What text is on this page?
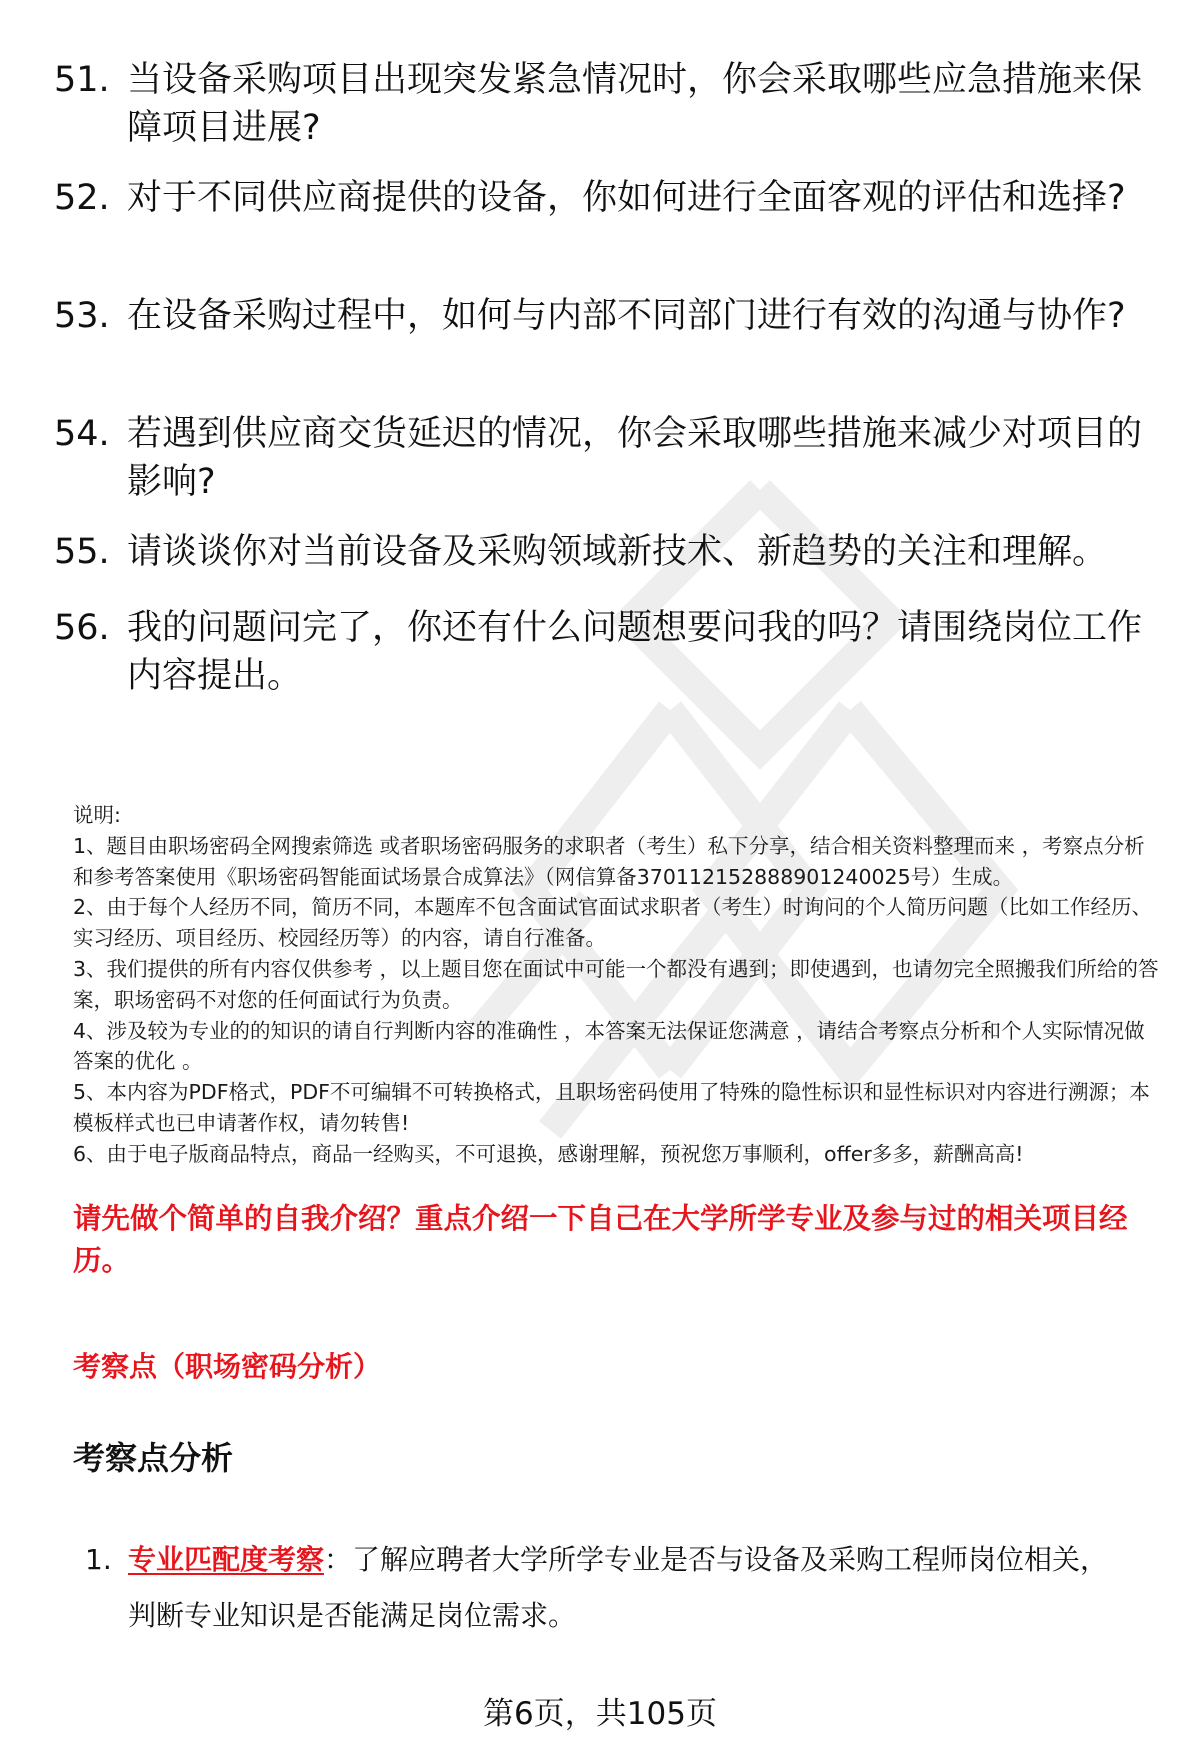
51. 当设备采购项目出现突发紧急情况时，你会采取哪些应急措施来保障项目进展?
52. 对于不同供应商提供的设备，你如何进行全面客观的评估和选择?
53. 在设备采购过程中，如何与内部不同部门进行有效的沟通与协作?
54. 若遇到供应商交货延迟的情况，你会采取哪些措施来减少对项目的影响?
55. 请谈谈你对当前设备及采购领域新技术、新趋势的关注和理解。
56. 我的问题问完了，你还有什么问题想要问我的吗？请围绕岗位工作内容提出。

说明:

1、题目由职场密码全网搜索筛选 或者职场密码服务的求职者（考生）私下分享，结合相关资料整理而来 ，考察点分析和参考答案使用《职场密码智能面试场景合成算法》（网信算备370112152888901240025号）生成。

2、由于每个人经历不同，简历不同，本题库不包含面试官面试求职者（考生）时询问的个人简历问题（比如工作经历、实习经历、项目经历、校园经历等）的内容，请自行准备。

3、我们提供的所有内容仅供参考 ，以上题目您在面试中可能一个都没有遇到；即使遇到，也请勿完全照搬我们所给的答案，职场密码不对您的任何面试行为负责。

4、涉及较为专业的的知识的请自行判断内容的准确性 ，本答案无法保证您满意 ，请结合考察点分析和个人实际情况做答案的优化 。

5、本内容为PDF格式，PDF不可编辑不可转换格式，且职场密码使用了特殊的隐性标识和显性标识对内容进行溯源；本模板样式也已申请著作权，请勿转售!

6、由于电子版商品特点，商品一经购买，不可退换，感谢理解，预祝您万事顺利，offer多多，薪酬高高!

请先做个简单的自我介绍？重点介绍一下自己在大学所学专业及参与过的相关项目经历。
考察点（职场密码分析）
考察点分析
1. 专业匹配度考察：了解应聘者大学所学专业是否与设备及采购工程师岗位相关，判断专业知识是否能满足岗位需求。
第6页，共105页
